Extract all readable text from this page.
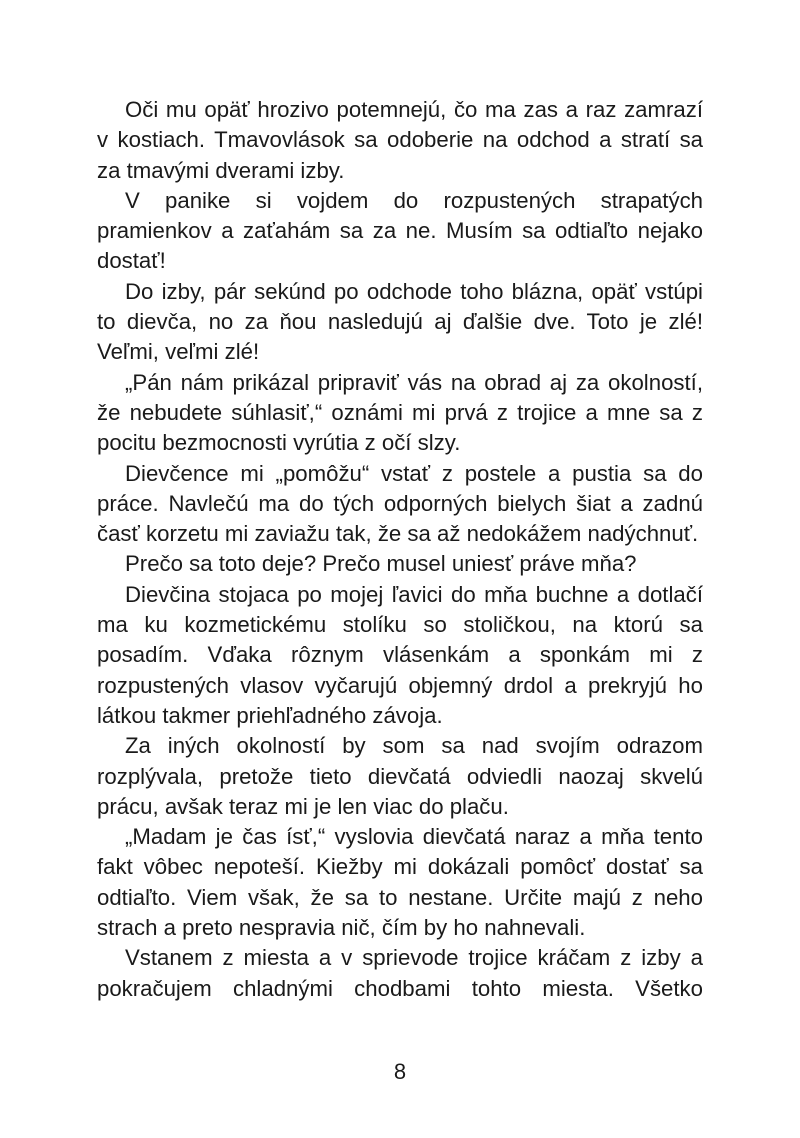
Oči mu opäť hrozivo potemnejú, čo ma zas a raz zamrazí v kostiach. Tmavovlások sa odoberie na odchod a stratí sa za tmavými dverami izby.

V panike si vojdem do rozpustených strapatých pramienkov a zaťahám sa za ne. Musím sa odtiaľto nejako dostať!

Do izby, pár sekúnd po odchode toho blázna, opäť vstúpi to dievča, no za ňou nasledujú aj ďalšie dve. Toto je zlé! Veľmi, veľmi zlé!

„Pán nám prikázal pripraviť vás na obrad aj za okolností, že nebudete súhlasiť,“ oznámi mi prvá z trojice a mne sa z pocitu bezmocnosti vyrútia z očí slzy.

Dievčence mi „pomôžu“ vstať z postele a pustia sa do práce. Navlečú ma do tých odporných bielych šiat a zadnú časť korzetu mi zaviažu tak, že sa až nedokážem nadýchnuť.

Prečo sa toto deje? Prečo musel uniesť práve mňa?

Dievčina stojaca po mojej ľavici do mňa buchne a dotlačí ma ku kozmetickému stolíku so stoličkou, na ktorú sa posadím. Vďaka rôznym vlásenkám a sponkám mi z rozpustených vlasov vyčarujú objemný drdol a prekryjú ho látkou takmer priehľadného závoja.

Za iných okolností by som sa nad svojím odrazom rozplývala, pretože tieto dievčatá odviedli naozaj skvelú prácu, avšak teraz mi je len viac do plaču.

„Madam je čas ísť,“ vyslovia dievčatá naraz a mňa tento fakt vôbec nepoteší. Kiežby mi dokázali pomôcť dostať sa odtiaľto. Viem však, že sa to nestane. Určite majú z neho strach a preto nespravia nič, čím by ho nahnevali.

Vstanem z miesta a v sprievode trojice kráčam z izby a pokračujem chladnými chodbami tohto miesta. Všetko

8
